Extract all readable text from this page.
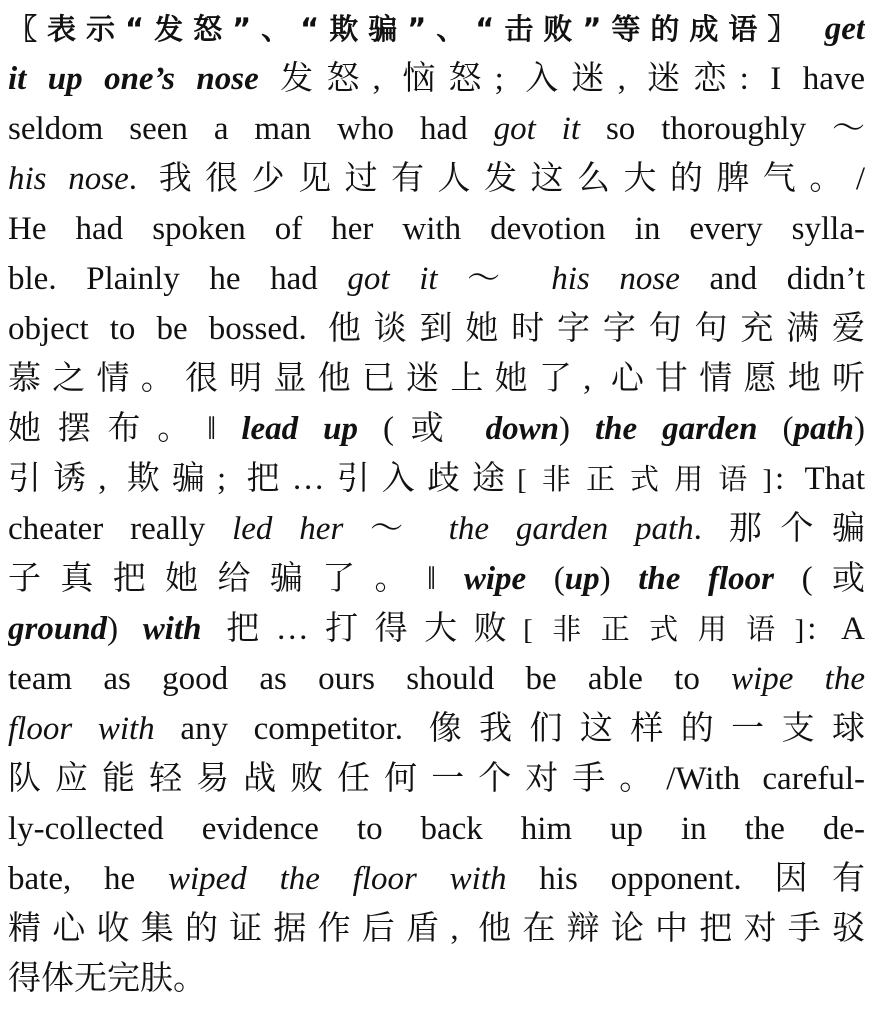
〖表示“发怒”、“欺骗”、“击败”等的成语〗 get
it up one’s nose 发怒, 恼怒; 入迷, 迷恋: I have
seldom seen a man who had got it so thoroughly ～
his nose. 我很少见过有人发这么大的脾气。/
He had spoken of her with devotion in every sylla-
ble. Plainly he had got it ～ his nose and didn’t
object to be bossed. 他谈到她时字字句句充满爱
慕之情。很明显他已迷上她了, 心甘情愿地听
她摆布。‖ lead up (或 down) the garden (path)
引诱, 欺骗; 把…引入歧途[非正式用语]: That
cheater really led her ～ the garden path. 那个骗
子真把她给骗了。‖ wipe (up) the floor (或
ground) with 把…打得大败[非正式用语]: A
team as good as ours should be able to wipe the
floor with any competitor. 像我们这样的一支球
队应能轻易战败任何一个对手。/With careful-
ly-collected evidence to back him up in the de-
bate, he wiped the floor with his opponent. 因有
精心收集的证据作后盾, 他在辩论中把对手驳
得体无完肤。
